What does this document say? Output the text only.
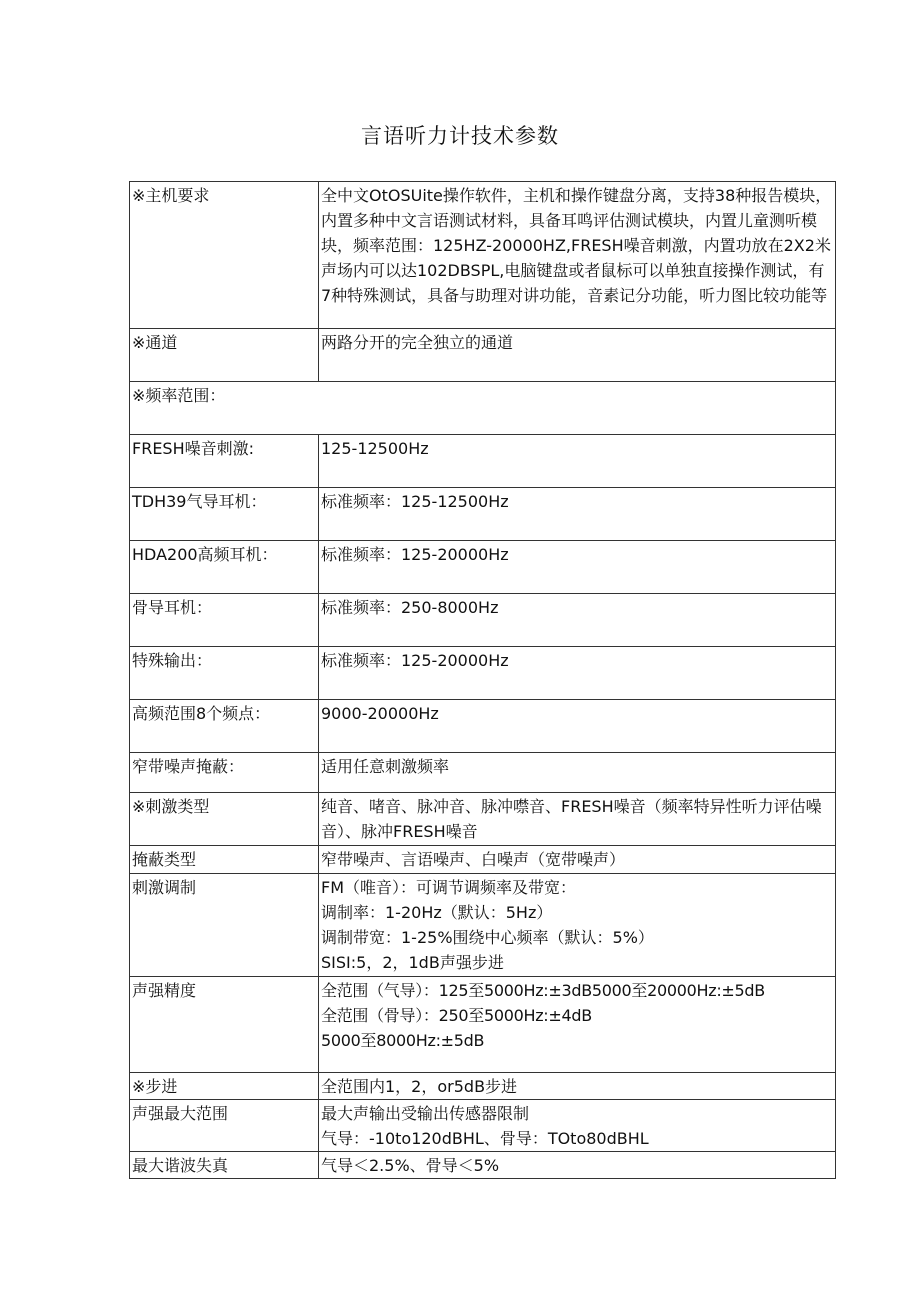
言语听力计技术参数
※主机要求	全中文OtOSUite操作软件，主机和操作键盘分离，支持38种报告模块，内置多种中文言语测试材料，具备耳鸣评估测试模块，内置儿童测听模块，频率范围：125HZ-20000HZ,FRESH噪音刺激，内置功放在2X2米声场内可以达102DBSPL,电脑键盘或者鼠标可以单独直接操作测试，有7种特殊测试，具备与助理对讲功能，音素记分功能，听力图比较功能等
※通道	两路分开的完全独立的通道
※频率范围：	
FRESH噪音刺激:	125-12500Hz
TDH39气导耳机：	标准频率：125-12500Hz
HDA200高频耳机：	标准频率：125-20000Hz
骨导耳机：	标准频率：250-8000Hz
特殊输出：	标准频率：125-20000Hz
高频范围8个频点：	9000-20000Hz
窄带噪声掩蔽：	适用任意刺激频率
※刺激类型	纯音、啫音、脉冲音、脉冲噤音、FRESH噪音（频率特异性听力评估噪音）、脉冲FRESH噪音
掩蔽类型	窄带噪声、言语噪声、白噪声（宽带噪声）
刺激调制	FM（唯音）：可调节调频率及带宽：
调制率：1-20Hz（默认：5Hz）
调制带宽：1-25%围绕中心频率（默认：5%）
SISI:5，2，1dB声强步进
声强精度	全范围（气导）：125至5000Hz:±3dB5000至20000Hz:±5dB
全范围（骨导）：250至5000Hz:±4dB
5000至8000Hz:±5dB
※步进	全范围内1，2，or5dB步进
声强最大范围	最大声输出受输出传感器限制
气导：-10to120dBHL、骨导：TOto80dBHL
最大谐波失真	气导＜2.5%、骨导＜5%
